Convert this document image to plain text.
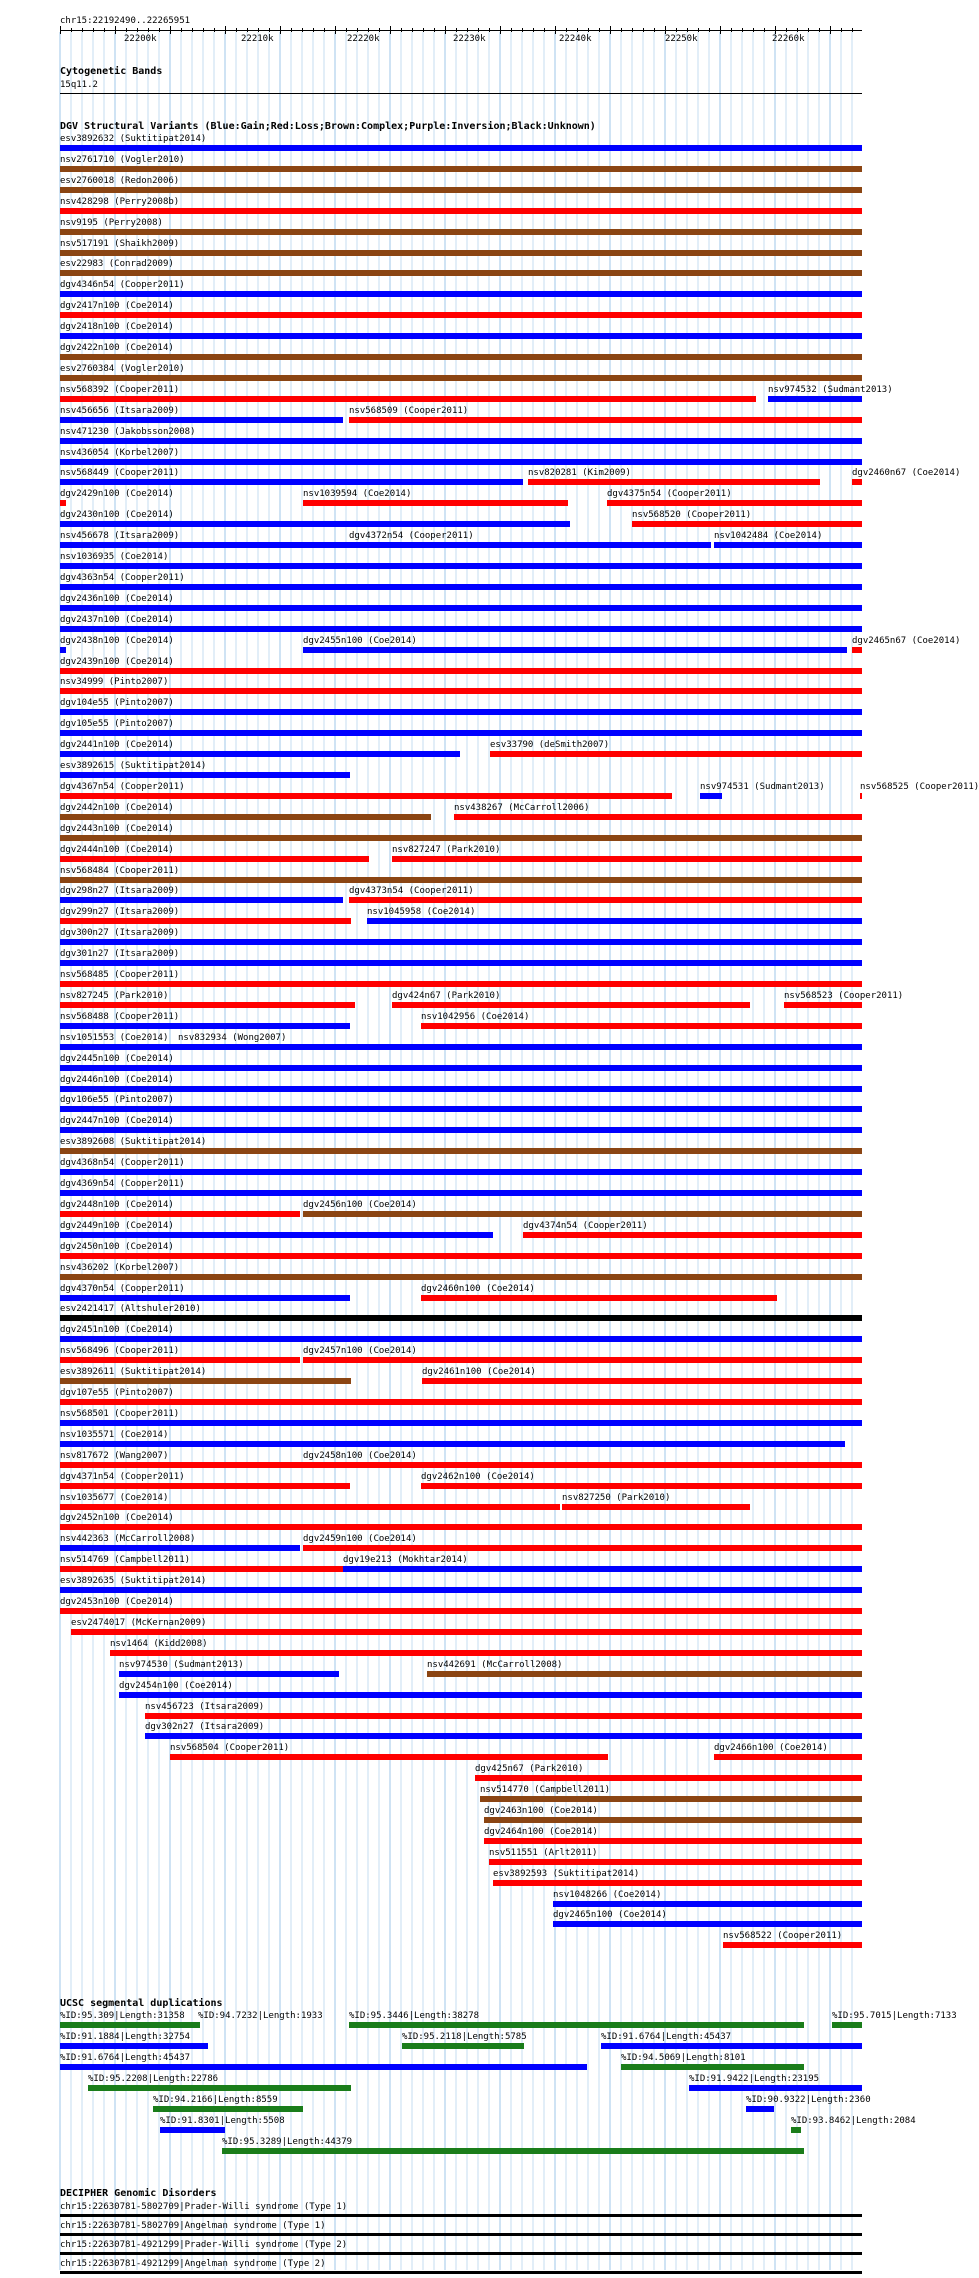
chr15:22192490..22265951
22200k	22210k	22220k	22230k	22240k	22250k	22260k
Cytogenetic Bands
15q11.2
DGV Structural Variants (Blue:Gain;Red:Loss;Brown:Complex;Purple:Inversion;Black:Unknown)
esv3892632 (Suktitipat2014)
nsv2761710 (Vogler2010)
esv2760018 (Redon2006)
nsv428298 (Perry2008b)
nsv9195 (Perry2008)
nsv517191 (Shaikh2009)
esv22983 (Conrad2009)
dgv4346n54 (Cooper2011)
dgv2417n100 (Coe2014)
dgv2418n100 (Coe2014)
dgv2422n100 (Coe2014)
esv2760384 (Vogler2010)
nsv568392 (Cooper2011)	nsv974532 (Sudmant2013)
nsv456656 (Itsara2009)	nsv568509 (Cooper2011)
nsv471230 (Jakobsson2008)
nsv436054 (Korbel2007)
nsv568449 (Cooper2011)	nsv820281 (Kim2009)	dgv2460n67 (Coe2014)
dgv2429n100 (Coe2014)	nsv1039594 (Coe2014)	dgv4375n54 (Cooper2011)
dgv2430n100 (Coe2014)	nsv568520 (Cooper2011)
nsv456678 (Itsara2009)	dgv4372n54 (Cooper2011)	nsv1042484 (Coe2014)
nsv1036935 (Coe2014)
dgv4363n54 (Cooper2011)
dgv2436n100 (Coe2014)
dgv2437n100 (Coe2014)
dgv2438n100 (Coe2014)	dgv2455n100 (Coe2014)	dgv2465n67 (Coe2014)
dgv2439n100 (Coe2014)
nsv34999 (Pinto2007)
dgv104e55 (Pinto2007)
dgv105e55 (Pinto2007)
dgv2441n100 (Coe2014)	esv33790 (deSmith2007)
esv3892615 (Suktitipat2014)
dgv4367n54 (Cooper2011)	nsv974531 (Sudmant2013)	nsv568525 (Cooper2011)
dgv2442n100 (Coe2014)	nsv438267 (McCarroll2006)
dgv2443n100 (Coe2014)
dgv2444n100 (Coe2014)	nsv827247 (Park2010)
nsv568484 (Cooper2011)
dgv298n27 (Itsara2009)	dgv4373n54 (Cooper2011)
dgv299n27 (Itsara2009)	nsv1045958 (Coe2014)
dgv300n27 (Itsara2009)
dgv301n27 (Itsara2009)
nsv568485 (Cooper2011)
nsv827245 (Park2010)	dgv424n67 (Park2010)	nsv568523 (Cooper2011)
nsv568488 (Cooper2011)	nsv1042956 (Coe2014)
nsv1051553 (Coe2014) nsv832934 (Wong2007)
dgv2445n100 (Coe2014)
dgv2446n100 (Coe2014)
dgv106e55 (Pinto2007)
dgv2447n100 (Coe2014)
esv3892608 (Suktitipat2014)
dgv4368n54 (Cooper2011)
dgv4369n54 (Cooper2011)
dgv2448n100 (Coe2014)	dgv2456n100 (Coe2014)
dgv2449n100 (Coe2014)	dgv4374n54 (Cooper2011)
dgv2450n100 (Coe2014)
nsv436202 (Korbel2007)
dgv4370n54 (Cooper2011)	dgv2460n100 (Coe2014)
esv2421417 (Altshuler2010)
dgv2451n100 (Coe2014)
nsv568496 (Cooper2011)	dgv2457n100 (Coe2014)
esv3892611 (Suktitipat2014)	dgv2461n100 (Coe2014)
dgv107e55 (Pinto2007)
nsv568501 (Cooper2011)
nsv1035571 (Coe2014)
nsv817672 (Wang2007)	dgv2458n100 (Coe2014)
dgv4371n54 (Cooper2011)	dgv2462n100 (Coe2014)
nsv1035677 (Coe2014)	nsv827250 (Park2010)
dgv2452n100 (Coe2014)
nsv442363 (McCarroll2008)	dgv2459n100 (Coe2014)
nsv514769 (Campbell2011)	dgv19e213 (Mokhtar2014)
esv3892635 (Suktitipat2014)
dgv2453n100 (Coe2014)
esv2474017 (McKernan2009)
nsv1464 (Kidd2008)
nsv974530 (Sudmant2013)	nsv442691 (McCarroll2008)
dgv2454n100 (Coe2014)
nsv456723 (Itsara2009)
dgv302n27 (Itsara2009)
nsv568504 (Cooper2011)	dgv2466n100 (Coe2014)
dgv425n67 (Park2010)
nsv514770 (Campbell2011)
dgv2463n100 (Coe2014)
dgv2464n100 (Coe2014)
nsv511551 (Arlt2011)
esv3892593 (Suktitipat2014)
nsv1048266 (Coe2014)
dgv2465n100 (Coe2014)
nsv568522 (Cooper2011)
UCSC segmental duplications
%ID:95.309|Length:31358 %ID:94.7232|Length:1933	%ID:95.3446|Length:38278	%ID:95.7015|Length:7133
%ID:91.1884|Length:32754	%ID:95.2118|Length:5785	%ID:91.6764|Length:45437
%ID:91.6764|Length:45437	%ID:94.5069|Length:8101
%ID:95.2208|Length:22786	%ID:91.9422|Length:23195
%ID:94.2166|Length:8559	%ID:90.9322|Length:2360
%ID:91.8301|Length:5508	%ID:93.8462|Length:2084
%ID:95.3289|Length:44379
DECIPHER Genomic Disorders
chr15:22630781-5802709|Prader-Willi syndrome (Type 1)
chr15:22630781-5802709|Angelman syndrome (Type 1)
chr15:22630781-4921299|Prader-Willi syndrome (Type 2)
chr15:22630781-4921299|Angelman syndrome (Type 2)
